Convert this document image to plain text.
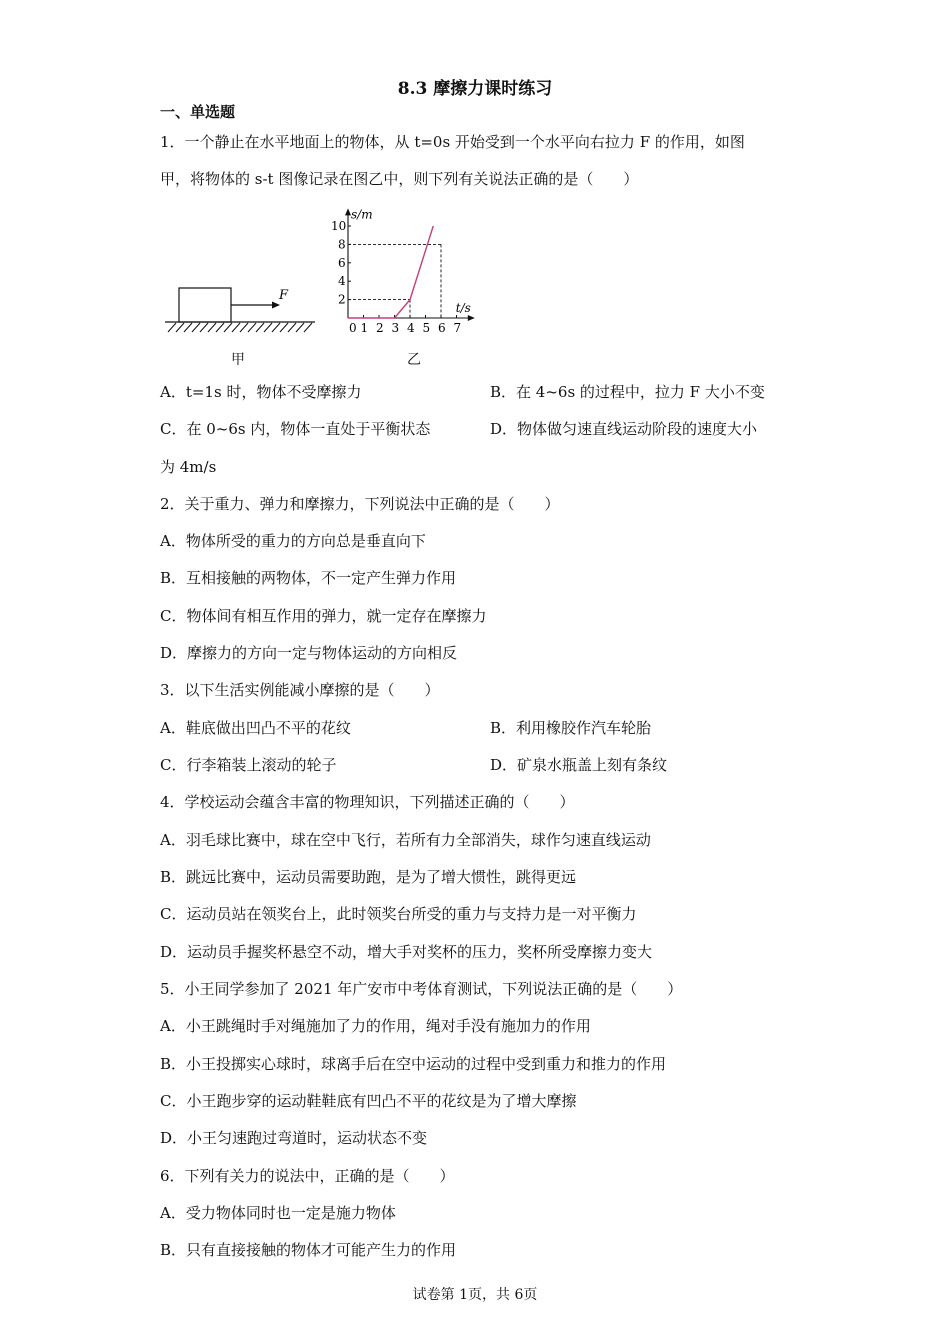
8.3 摩擦力课时练习
一、单选题
1．一个静止在水平地面上的物体，从 t=0s 开始受到一个水平向右拉力 F 的作用，如图
甲，将物体的 s-t 图像记录在图乙中，则下列有关说法正确的是（　　）
F
甲
0 1 2 3 4 5 6 7
2
4
6
8
10
s/m
t/s
乙
A．t=1s 时，物体不受摩擦力	B．在 4~6s 的过程中，拉力 F 大小不变
C．在 0~6s 内，物体一直处于平衡状态	D．物体做匀速直线运动阶段的速度大小
为 4m/s
2．关于重力、弹力和摩擦力，下列说法中正确的是（　　）
A．物体所受的重力的方向总是垂直向下
B．互相接触的两物体，不一定产生弹力作用
C．物体间有相互作用的弹力，就一定存在摩擦力
D．摩擦力的方向一定与物体运动的方向相反
3．以下生活实例能减小摩擦的是（　　）
A．鞋底做出凹凸不平的花纹	B．利用橡胶作汽车轮胎
C．行李箱装上滚动的轮子	D．矿泉水瓶盖上刻有条纹
4．学校运动会蕴含丰富的物理知识，下列描述正确的（　　）
A．羽毛球比赛中，球在空中飞行，若所有力全部消失，球作匀速直线运动
B．跳远比赛中，运动员需要助跑，是为了增大惯性，跳得更远
C．运动员站在领奖台上，此时领奖台所受的重力与支持力是一对平衡力
D．运动员手握奖杯悬空不动，增大手对奖杯的压力，奖杯所受摩擦力变大
5．小王同学参加了 2021 年广安市中考体育测试，下列说法正确的是（　　）
A．小王跳绳时手对绳施加了力的作用，绳对手没有施加力的作用
B．小王投掷实心球时，球离手后在空中运动的过程中受到重力和推力的作用
C．小王跑步穿的运动鞋鞋底有凹凸不平的花纹是为了增大摩擦
D．小王匀速跑过弯道时，运动状态不变
6．下列有关力的说法中，正确的是（　　）
A．受力物体同时也一定是施力物体
B．只有直接接触的物体才可能产生力的作用
试卷第 1页，共 6页
